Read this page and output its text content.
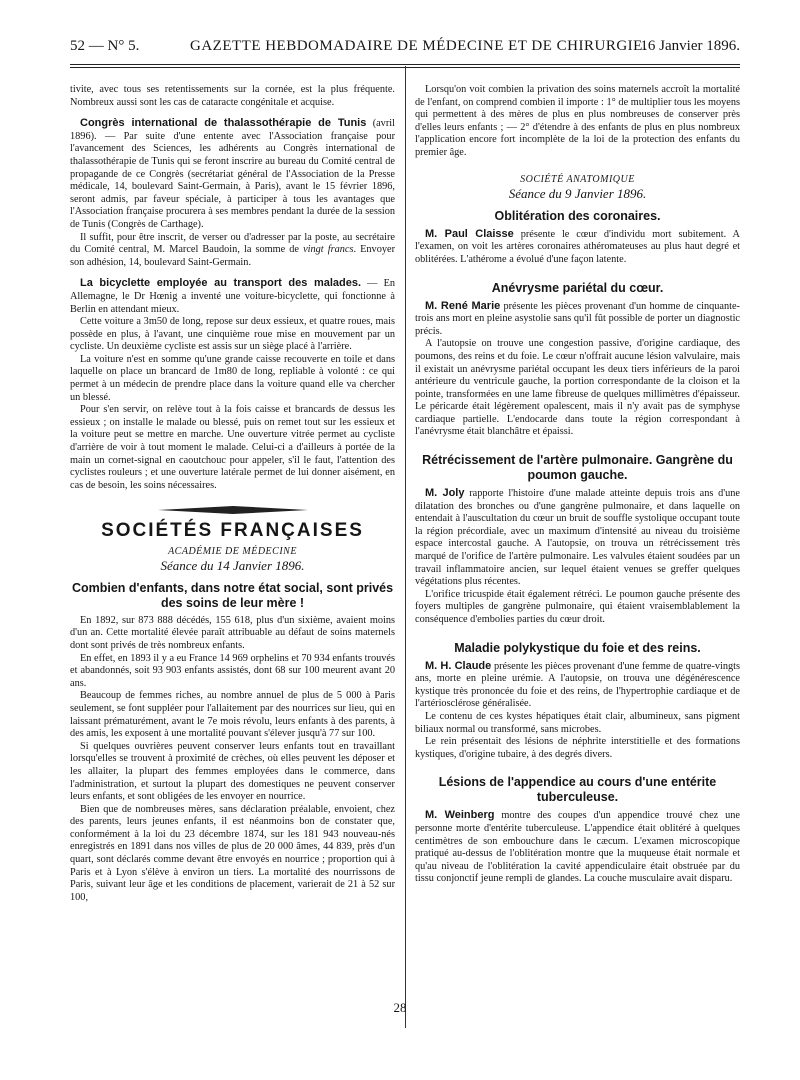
52 — N° 5.	GAZETTE HEBDOMADAIRE DE MÉDECINE ET DE CHIRURGIE.
16 Janvier 1896.

tivite, avec tous ses retentissements sur la cornée, est la plus fréquente. Nombreux aussi sont les cas de cataracte congénitale et acquise.

Congrès international de thalassothérapie de Tunis (avril 1896). — Par suite d'une entente avec l'Association française pour l'avancement des Sciences, les adhérents au Congrès international de thalassothérapie de Tunis qui se feront inscrire au bureau du Comité central de propagande de ce Congrès (secrétariat général de l'Association de la Presse médicale, 14, boulevard Saint-Germain, à Paris), avant le 15 février 1896, seront admis, par faveur spéciale, à participer à tous les avantages que l'Association française procurera à ses membres pendant la durée de la session de Tunis (Congrès de Carthage).

Il suffit, pour être inscrit, de verser ou d'adresser par la poste, au secrétaire du Comité central, M. Marcel Baudoin, la somme de vingt francs. Envoyer son adhésion, 14, boulevard Saint-Germain.

La bicyclette employée au transport des malades. — En Allemagne, le Dr Hœnig a inventé une voiture-bicyclette, qui fonctionne à Berlin en attendant mieux.

Cette voiture a 3m50 de long, repose sur deux essieux, et quatre roues, mais possède en plus, à l'avant, une cinquième roue mise en mouvement par un cycliste. Un deuxième cycliste est assis sur un siège placé à l'arrière.

La voiture n'est en somme qu'une grande caisse recouverte en toile et dans laquelle on place un brancard de 1m80 de long, repliable à volonté : ce qui permet à un médecin de prendre place dans la voiture quand elle va chercher un blessé.

Pour s'en servir, on relève tout à la fois caisse et brancards de dessus les essieux ; on installe le malade ou blessé, puis on remet tout sur les essieux et la voiture peut se mettre en marche. Une ouverture vitrée permet au cycliste d'arrière de voir à tout moment le malade. Celui-ci a d'ailleurs à portée de la main un cornet-signal en caoutchouc pour appeler, s'il le faut, l'attention des cyclistes rouleurs ; et une ouverture latérale permet de lui donner aisément, en cas de besoin, les soins nécessaires.

SOCIÉTÉS FRANÇAISES
ACADÉMIE DE MÉDECINE
Séance du 14 Janvier 1896.
Combien d'enfants, dans notre état social, sont privés des soins de leur mère !

En 1892, sur 873 888 décédés, 155 618, plus d'un sixième, avaient moins d'un an. Cette mortalité élevée paraît attribuable au défaut de soins maternels dont sont privés de très nombreux enfants.

En effet, en 1893 il y a eu France 14 969 orphelins et 70 934 enfants trouvés et abandonnés, soit 93 903 enfants assistés, dont 68 sur 100 meurent avant 20 ans.

Beaucoup de femmes riches, au nombre annuel de plus de 5 000 à Paris seulement, se font suppléer pour l'allaitement par des nourrices sur lieu, qui en laissant prématurément, avant le 7e mois révolu, leurs enfants à des parents, à des amis, les exposent à une mortalité pouvant s'élever jusqu'à 77 sur 100.

Si quelques ouvrières peuvent conserver leurs enfants tout en travaillant lorsqu'elles se trouvent à proximité de crèches, où elles peuvent les déposer et les allaiter, la plupart des femmes employées dans le commerce, dans l'administration, et surtout la plupart des domestiques ne peuvent conserver leurs enfants, et sont obligées de les envoyer en nourrice.

Bien que de nombreuses mères, sans déclaration préalable, envoient, chez des parents, leurs jeunes enfants, il est néanmoins bon de constater que, conformément à la loi du 23 décembre 1874, sur les 181 943 nouveau-nés enregistrés en 1891 dans nos villes de plus de 20 000 âmes, 44 839, près d'un quart, sont déclarés comme devant être envoyés en nourrice ; proportion qui à Paris et à Lyon s'élève à environ un tiers. La mortalité des nourrissons de Paris, suivant leur âge et les conditions de placement, varierait de 21 à 52 sur 100,

Lorsqu'on voit combien la privation des soins maternels accroît la mortalité de l'enfant, on comprend combien il importe : 1° de multiplier tous les moyens qui permettent à des mères de plus en plus nombreuses de conserver près d'elles leurs enfants ; — 2° d'étendre à des enfants de plus en plus nombreux l'application encore fort incomplète de la loi de la protection des enfants du premier âge.

SOCIÉTÉ ANATOMIQUE
Séance du 9 Janvier 1896.
Oblitération des coronaires.

M. Paul Claisse présente le cœur d'individu mort subitement. A l'examen, on voit les artères coronaires athéromateuses au plus haut degré et oblitérées. L'athérome a évolué d'une façon latente.

Anévrysme pariétal du cœur.

M. René Marie présente les pièces provenant d'un homme de cinquante-trois ans mort en pleine asystolie sans qu'il fût possible de porter un diagnostic précis.

A l'autopsie on trouve une congestion passive, d'origine cardiaque, des poumons, des reins et du foie. Le cœur n'offrait aucune lésion valvulaire, mais il existait un anévrysme pariétal occupant les deux tiers inférieurs de la paroi antérieure du ventricule gauche, la portion correspondante de la cloison et la pointe, transformées en une lame fibreuse de quelques millimètres d'épaisseur. Le péricarde était légèrement opalescent, mais il n'y avait pas de symphyse cardiaque partielle. L'endocarde dans toute la région correspondant à l'anévrysme était blanchâtre et épaissi.

Rétrécissement de l'artère pulmonaire. Gangrène du poumon gauche.

M. Joly rapporte l'histoire d'une malade atteinte depuis trois ans d'une dilatation des bronches ou d'une gangrène pulmonaire, et dans laquelle on entendait à l'auscultation du cœur un bruit de souffle systolique occupant toute la région précordiale, avec un maximum d'intensité au niveau du troisième espace intercostal gauche. A l'autopsie, on trouva un rétrécissement très marqué de l'orifice de l'artère pulmonaire. Les valvules étaient soudées par un travail inflammatoire ancien, sur lequel étaient venues se greffer quelques végétations plus récentes.

L'orifice tricuspide était également rétréci. Le poumon gauche présente des foyers multiples de gangrène pulmonaire, qui étaient vraisemblablement la conséquence d'embolies parties du cœur droit.

Maladie polykystique du foie et des reins.

M. H. Claude présente les pièces provenant d'une femme de quatre-vingts ans, morte en pleine urémie. A l'autopsie, on trouva une dégénérescence kystique très prononcée du foie et des reins, de l'hypertrophie cardiaque et de l'artériosclérose généralisée.

Le contenu de ces kystes hépatiques était clair, albumineux, sans pigment biliaux normal ou transformé, sans microbes.

Le rein présentait des lésions de néphrite interstitielle et des formations kystiques, d'origine tubaire, à des degrés divers.

Lésions de l'appendice au cours d'une entérite tuberculeuse.

M. Weinberg montre des coupes d'un appendice trouvé chez une personne morte d'entérite tuberculeuse. L'appendice était oblitéré à quelques centimètres de son embouchure dans le cæcum. L'examen microscopique pratiqué au-dessus de l'oblitération montre que la muqueuse était normale et qu'au niveau de l'oblitération la cavité appendiculaire était obstruée par du tissu conjonctif jeune rempli de glandes. La couche musculaire avait disparu.

28
